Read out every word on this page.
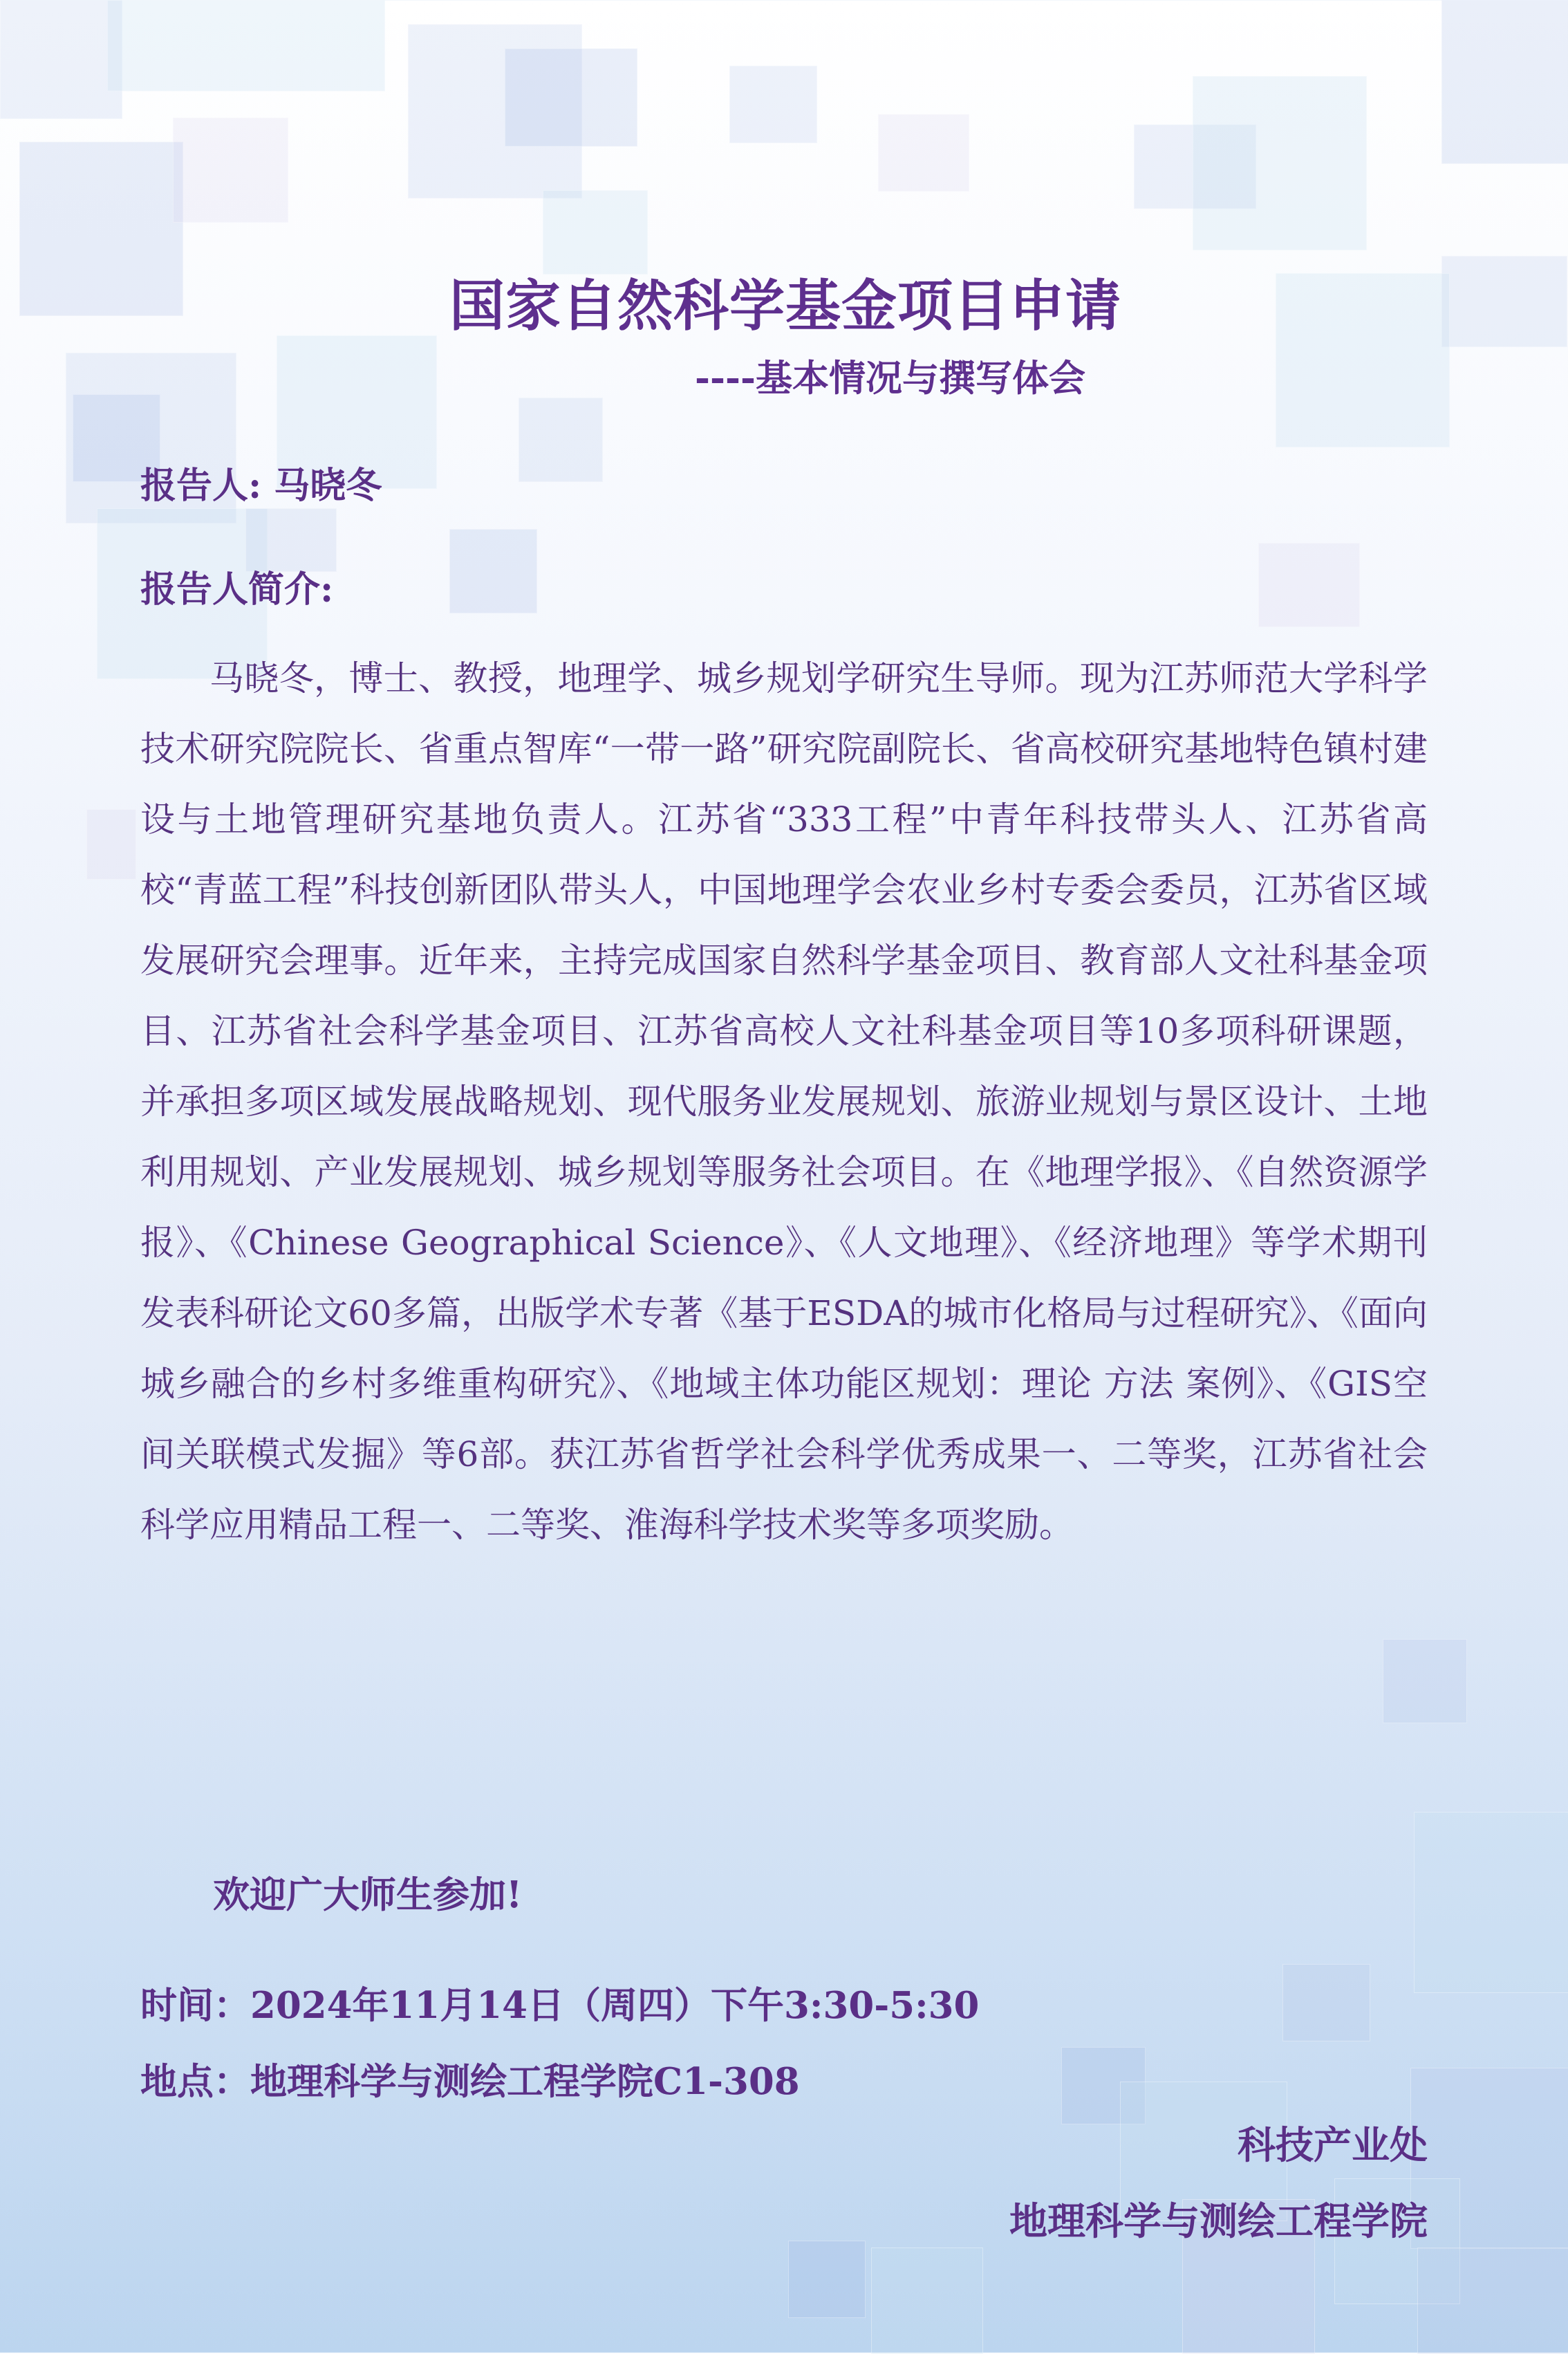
国家自然科学基金项目申请
----基本情况与撰写体会
报告人: 马晓冬
报告人简介:

马晓冬，博士、教授，地理学、城乡规划学研究生导师。现为江苏师范大学科学技术研究院院长、省重点智库“一带一路”研究院副院长、省高校研究基地特色镇村建设与土地管理研究基地负责人。江苏省“333工程”中青年科技带头人、江苏省高校“青蓝工程”科技创新团队带头人，中国地理学会农业乡村专委会委员，江苏省区域发展研究会理事。近年来，主持完成国家自然科学基金项目、教育部人文社科基金项目、江苏省社会科学基金项目、江苏省高校人文社科基金项目等10多项科研课题，并承担多项区域发展战略规划、现代服务业发展规划、旅游业规划与景区设计、土地利用规划、产业发展规划、城乡规划等服务社会项目。在《地理学报》、《自然资源学报》、《Chinese Geographical Science》、《人文地理》、《经济地理》等学术期刊发表科研论文60多篇，出版学术专著《基于ESDA的城市化格局与过程研究》、《面向城乡融合的乡村多维重构研究》、《地域主体功能区规划：理论 方法 案例》、《GIS空间关联模式发掘》等6部。获江苏省哲学社会科学优秀成果一、二等奖，江苏省社会科学应用精品工程一、二等奖、淮海科学技术奖等多项奖励。

欢迎广大师生参加!
时间：2024年11月14日（周四）下午3:30-5:30
地点：地理科学与测绘工程学院C1-308
科技产业处
地理科学与测绘工程学院
